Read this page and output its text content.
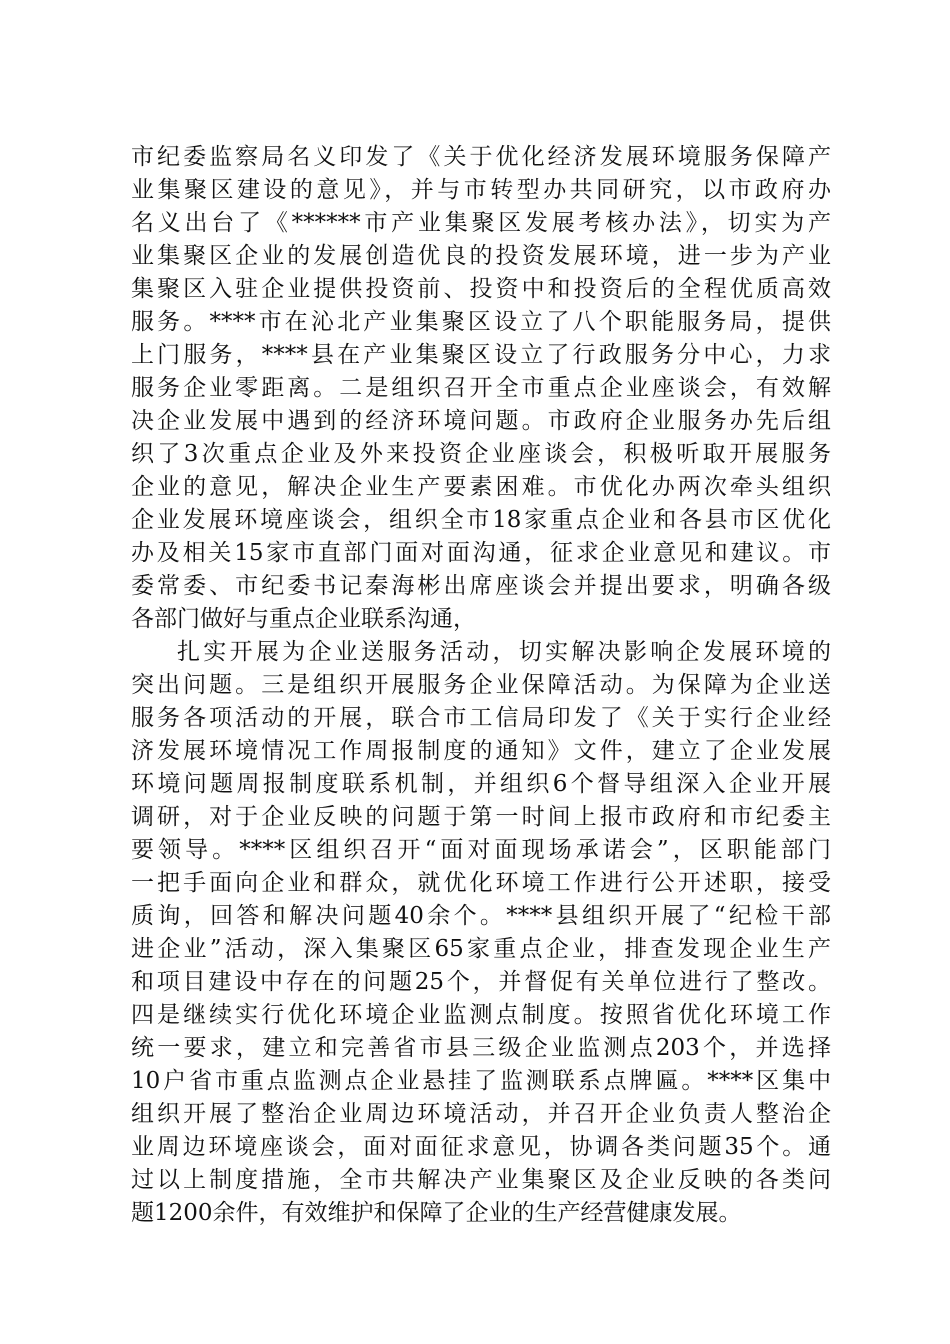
市纪委监察局名义印发了《关于优化经济发展环境服务保障产
业集聚区建设的意见》，并与市转型办共同研究，以市政府办
名义出台了《******市产业集聚区发展考核办法》，切实为产
业集聚区企业的发展创造优良的投资发展环境，进一步为产业
集聚区入驻企业提供投资前、投资中和投资后的全程优质高效
服务。****市在沁北产业集聚区设立了八个职能服务局，提供
上门服务，****县在产业集聚区设立了行政服务分中心，力求
服务企业零距离。二是组织召开全市重点企业座谈会，有效解
决企业发展中遇到的经济环境问题。市政府企业服务办先后组
织了3次重点企业及外来投资企业座谈会，积极听取开展服务
企业的意见，解决企业生产要素困难。市优化办两次牵头组织
企业发展环境座谈会，组织全市18家重点企业和各县市区优化
办及相关15家市直部门面对面沟通，征求企业意见和建议。市
委常委、市纪委书记秦海彬出席座谈会并提出要求，明确各级
各部门做好与重点企业联系沟通，
扎实开展为企业送服务活动，切实解决影响企发展环境的
突出问题。三是组织开展服务企业保障活动。为保障为企业送
服务各项活动的开展，联合市工信局印发了《关于实行企业经
济发展环境情况工作周报制度的通知》文件，建立了企业发展
环境问题周报制度联系机制，并组织6个督导组深入企业开展
调研，对于企业反映的问题于第一时间上报市政府和市纪委主
要领导。****区组织召开“面对面现场承诺会”，区职能部门
一把手面向企业和群众，就优化环境工作进行公开述职，接受
质询，回答和解决问题40余个。****县组织开展了“纪检干部
进企业”活动，深入集聚区65家重点企业，排查发现企业生产
和项目建设中存在的问题25个，并督促有关单位进行了整改。
四是继续实行优化环境企业监测点制度。按照省优化环境工作
统一要求，建立和完善省市县三级企业监测点203个，并选择
10户省市重点监测点企业悬挂了监测联系点牌匾。****区集中
组织开展了整治企业周边环境活动，并召开企业负责人整治企
业周边环境座谈会，面对面征求意见，协调各类问题35个。通
过以上制度措施，全市共解决产业集聚区及企业反映的各类问
题1200余件，有效维护和保障了企业的生产经营健康发展。
